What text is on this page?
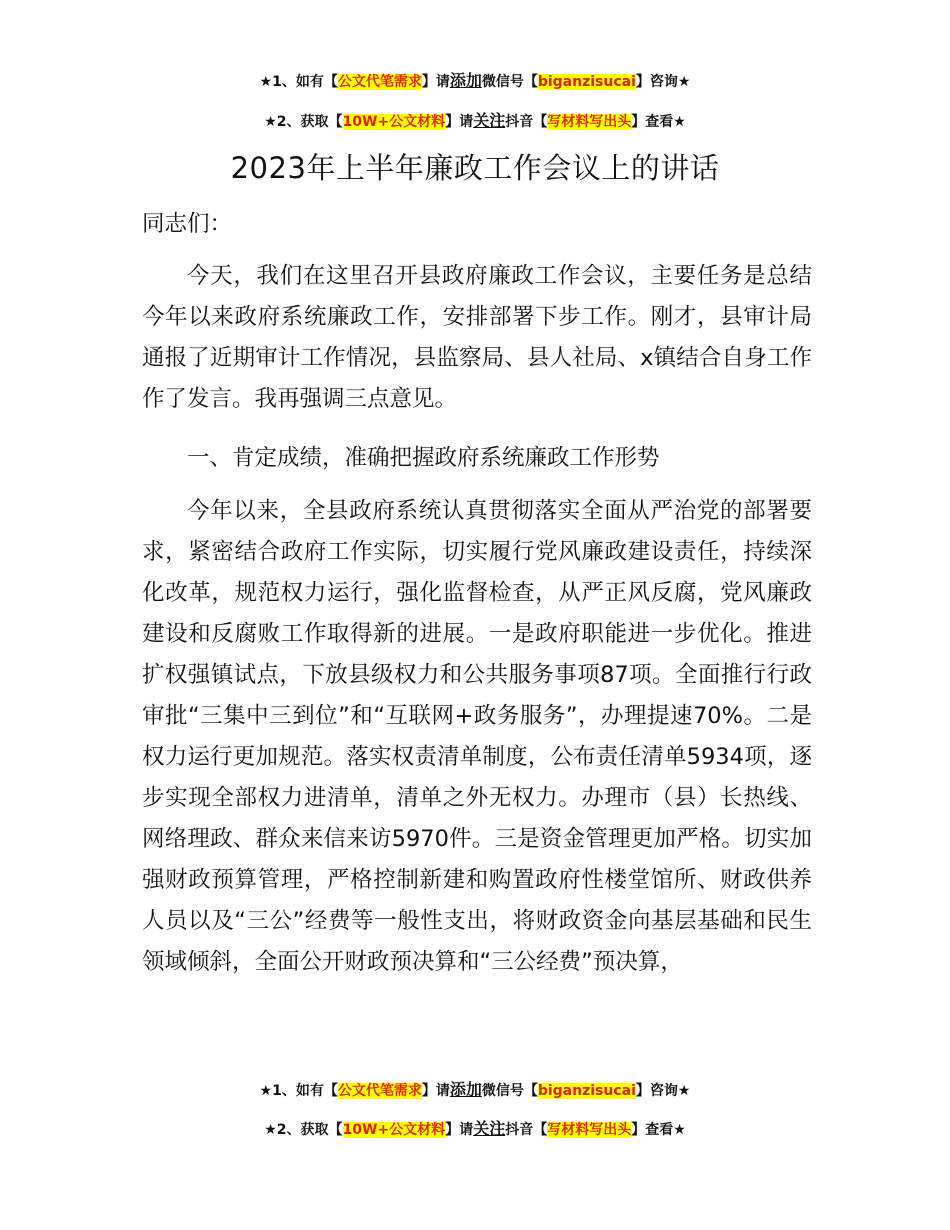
★1、如有【公文代笔需求】请添加微信号【biganzisucai】咨询★
★2、获取【10W+公文材料】请关注抖音【写材料写出头】查看★
2023年上半年廉政工作会议上的讲话

同志们：

今天，我们在这里召开县政府廉政工作会议，主要任务是总结今年以来政府系统廉政工作，安排部署下步工作。刚才，县审计局通报了近期审计工作情况，县监察局、县人社局、x镇结合自身工作作了发言。我再强调三点意见。

一、肯定成绩，准确把握政府系统廉政工作形势

今年以来，全县政府系统认真贯彻落实全面从严治党的部署要求，紧密结合政府工作实际，切实履行党风廉政建设责任，持续深化改革，规范权力运行，强化监督检查，从严正风反腐，党风廉政建设和反腐败工作取得新的进展。一是政府职能进一步优化。推进扩权强镇试点，下放县级权力和公共服务事项87项。全面推行行政审批“三集中三到位”和“互联网+政务服务”，办理提速70%。二是权力运行更加规范。落实权责清单制度，公布责任清单5934项，逐步实现全部权力进清单，清单之外无权力。办理市（县）长热线、网络理政、群众来信来访5970件。三是资金管理更加严格。切实加强财政预算管理，严格控制新建和购置政府性楼堂馆所、财政供养人员以及“三公”经费等一般性支出，将财政资金向基层基础和民生领域倾斜，全面公开财政预决算和“三公经费”预决算，

★1、如有【公文代笔需求】请添加微信号【biganzisucai】咨询★
★2、获取【10W+公文材料】请关注抖音【写材料写出头】查看★
